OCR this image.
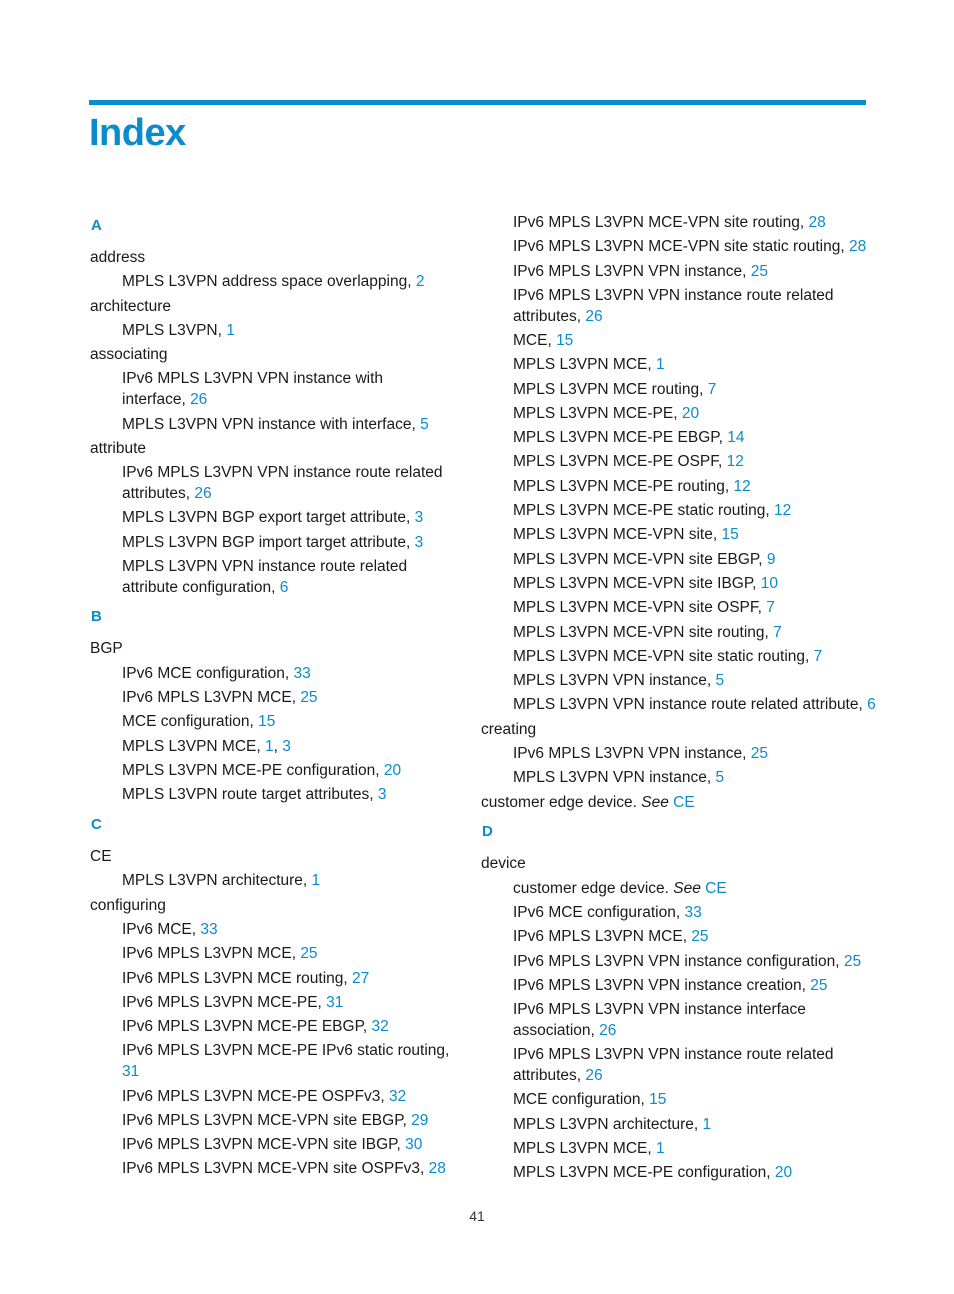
Index
A
address
MPLS L3VPN address space overlapping, 2
architecture
MPLS L3VPN, 1
associating
IPv6 MPLS L3VPN VPN instance with interface, 26
MPLS L3VPN VPN instance with interface, 5
attribute
IPv6 MPLS L3VPN VPN instance route related attributes, 26
MPLS L3VPN BGP export target attribute, 3
MPLS L3VPN BGP import target attribute, 3
MPLS L3VPN VPN instance route related attribute configuration, 6
B
BGP
IPv6 MCE configuration, 33
IPv6 MPLS L3VPN MCE, 25
MCE configuration, 15
MPLS L3VPN MCE, 1, 3
MPLS L3VPN MCE-PE configuration, 20
MPLS L3VPN route target attributes, 3
C
CE
MPLS L3VPN architecture, 1
configuring
IPv6 MCE, 33
IPv6 MPLS L3VPN MCE, 25
IPv6 MPLS L3VPN MCE routing, 27
IPv6 MPLS L3VPN MCE-PE, 31
IPv6 MPLS L3VPN MCE-PE EBGP, 32
IPv6 MPLS L3VPN MCE-PE IPv6 static routing, 31
IPv6 MPLS L3VPN MCE-PE OSPFv3, 32
IPv6 MPLS L3VPN MCE-VPN site EBGP, 29
IPv6 MPLS L3VPN MCE-VPN site IBGP, 30
IPv6 MPLS L3VPN MCE-VPN site OSPFv3, 28
IPv6 MPLS L3VPN MCE-VPN site routing, 28
IPv6 MPLS L3VPN MCE-VPN site static routing, 28
IPv6 MPLS L3VPN VPN instance, 25
IPv6 MPLS L3VPN VPN instance route related attributes, 26
MCE, 15
MPLS L3VPN MCE, 1
MPLS L3VPN MCE routing, 7
MPLS L3VPN MCE-PE, 20
MPLS L3VPN MCE-PE EBGP, 14
MPLS L3VPN MCE-PE OSPF, 12
MPLS L3VPN MCE-PE routing, 12
MPLS L3VPN MCE-PE static routing, 12
MPLS L3VPN MCE-VPN site, 15
MPLS L3VPN MCE-VPN site EBGP, 9
MPLS L3VPN MCE-VPN site IBGP, 10
MPLS L3VPN MCE-VPN site OSPF, 7
MPLS L3VPN MCE-VPN site routing, 7
MPLS L3VPN MCE-VPN site static routing, 7
MPLS L3VPN VPN instance, 5
MPLS L3VPN VPN instance route related attribute, 6
creating
IPv6 MPLS L3VPN VPN instance, 25
MPLS L3VPN VPN instance, 5
customer edge device. See CE
D
device
customer edge device. See CE
IPv6 MCE configuration, 33
IPv6 MPLS L3VPN MCE, 25
IPv6 MPLS L3VPN VPN instance configuration, 25
IPv6 MPLS L3VPN VPN instance creation, 25
IPv6 MPLS L3VPN VPN instance interface association, 26
IPv6 MPLS L3VPN VPN instance route related attributes, 26
MCE configuration, 15
MPLS L3VPN architecture, 1
MPLS L3VPN MCE, 1
MPLS L3VPN MCE-PE configuration, 20
41
